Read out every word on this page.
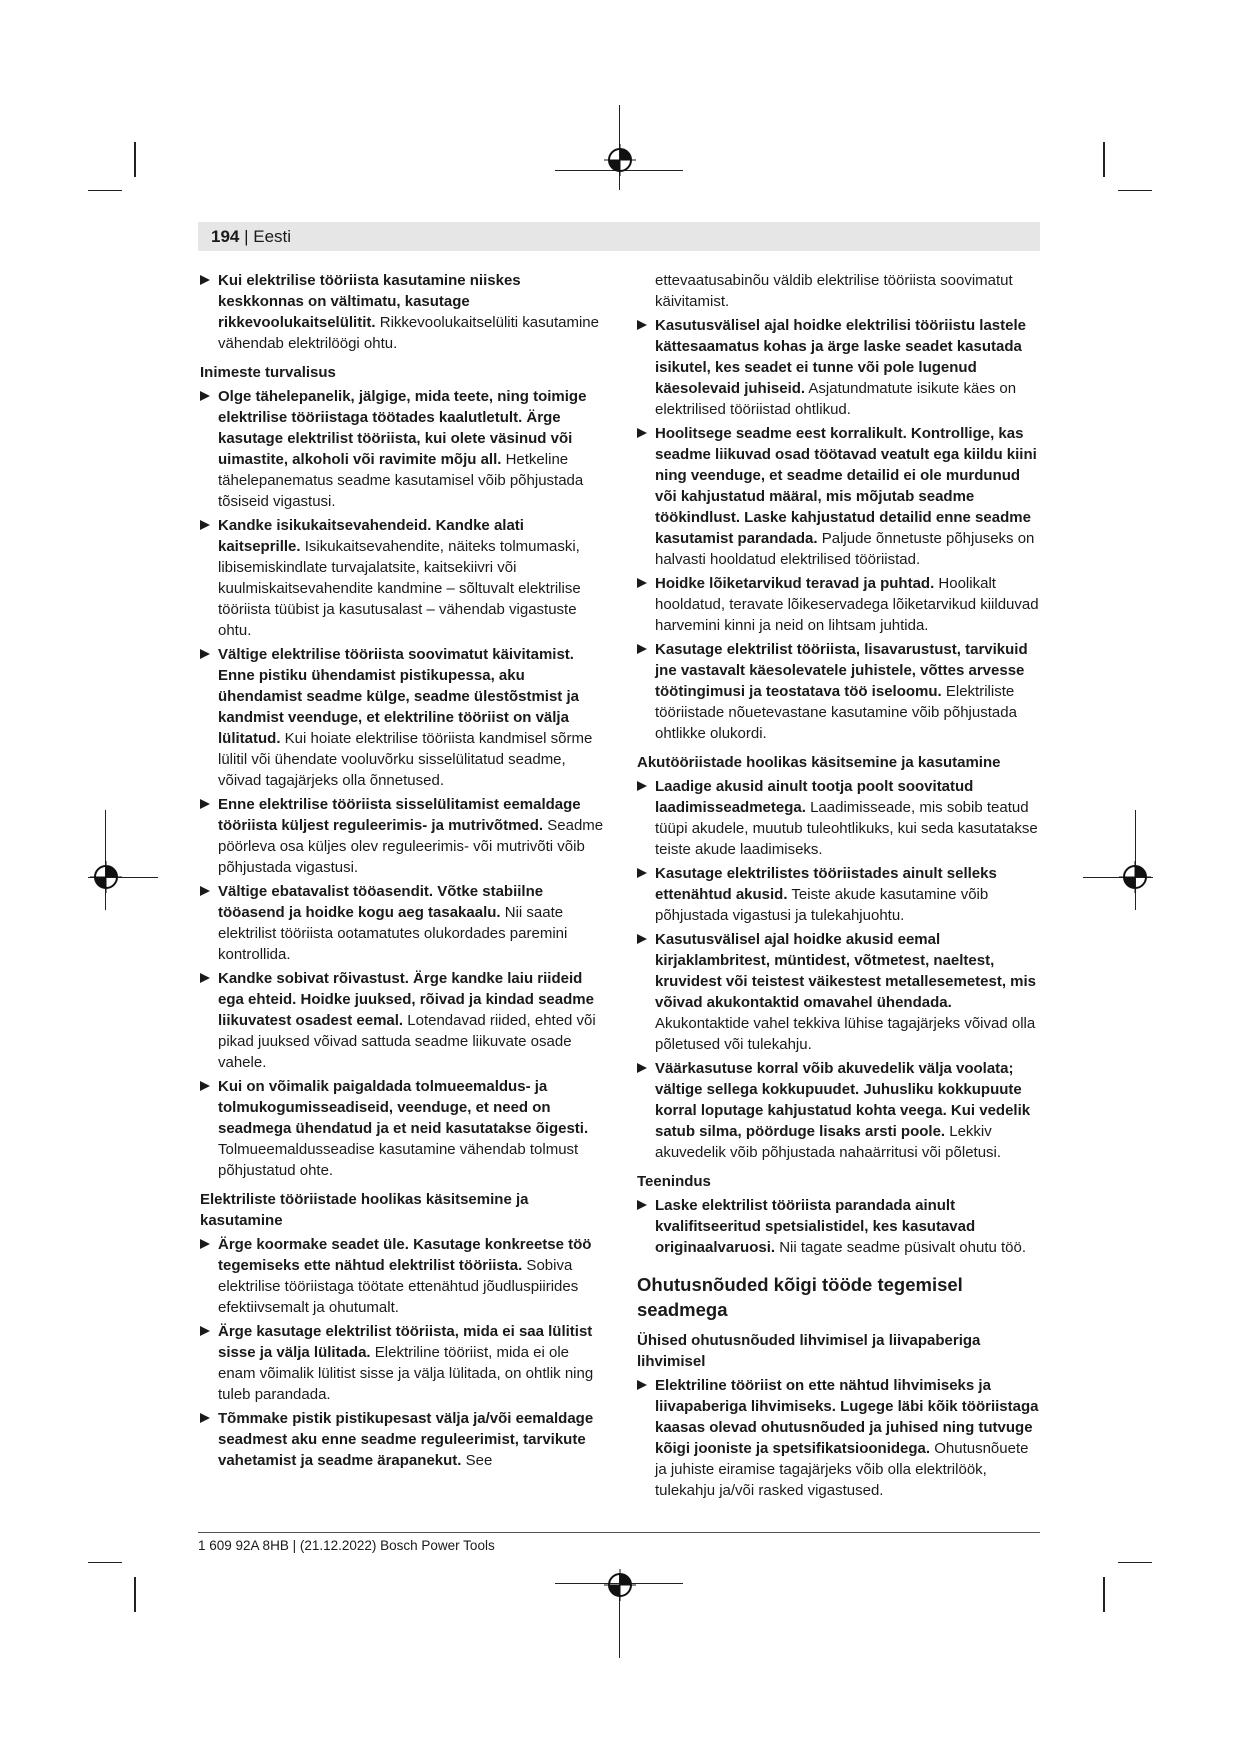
194 | Eesti
Kui elektrilise tööriista kasutamine niiskes keskkonnas on vältimatu, kasutage rikkevoolukaitselülitit. Rikkevoolukaitselüliti kasutamine vähendab elektrilöögi ohtu.
Inimeste turvalisus
Olge tähelepanelik, jälgige, mida teete, ning toimige elektrilise tööriistaga töötades kaalutletult. Ärge kasutage elektrilist tööriista, kui olete väsinud või uimastite, alkoholi või ravimite mõju all. Hetkeline tähelepanematus seadme kasutamisel võib põhjustada tõsiseid vigastusi.
Kandke isikukaitsevahendeid. Kandke alati kaitseprille. Isikukaitsevahendite, näiteks tolmumaski, libisemiskindlate turvajalatsite, kaitsekiivri või kuulmiskaitsevahendite kandmine – sõltuvalt elektrilise tööriista tüübist ja kasutusalast – vähendab vigastuste ohtu.
Vältige elektrilise tööriista soovimatut käivitamist. Enne pistiku ühendamist pistikupessa, aku ühendamist seadme külge, seadme ülestõstmist ja kandmist veenduge, et elektriline tööriist on välja lülitatud. Kui hoiate elektrilise tööriista kandmisel sõrme lülitil või ühendate vooluvõrku sisselülitatud seadme, võivad tagajärjeks olla õnnetused.
Enne elektrilise tööriista sisselülitamist eemaldage tööriista küljest reguleerimis- ja mutrivõtmed. Seadme pöörleva osa küljes olev reguleerimis- või mutrivõti võib põhjustada vigastusi.
Vältige ebatavalist tööasendit. Võtke stabiilne tööasend ja hoidke kogu aeg tasakaalu. Nii saate elektrilist tööriista ootamatutes olukordades paremini kontrollida.
Kandke sobivat rõivastust. Ärge kandke laiu riideid ega ehteid. Hoidke juuksed, rõivad ja kindad seadme liikuvatest osadest eemal. Lotendavad riided, ehted või pikad juuksed võivad sattuda seadme liikuvate osade vahele.
Kui on võimalik paigaldada tolmueemaldus- ja tolmukogumisseadiseid, veenduge, et need on seadmega ühendatud ja et neid kasutatakse õigesti. Tolmueemaldusseadise kasutamine vähendab tolmust põhjustatud ohte.
Elektriliste tööriistade hoolikas käsitsemine ja kasutamine
Ärge koormake seadet üle. Kasutage konkreetse töö tegemiseks ette nähtud elektrilist tööriista. Sobiva elektrilise tööriistaga töötate ettenähtud jõudluspiirides efektiivsemalt ja ohutumalt.
Ärge kasutage elektrilist tööriista, mida ei saa lülitist sisse ja välja lülitada. Elektriline tööriist, mida ei ole enam võimalik lülitist sisse ja välja lülitada, on ohtlik ning tuleb parandada.
Tõmmake pistik pistikupesast välja ja/või eemaldage seadmest aku enne seadme reguleerimist, tarvikute vahetamist ja seadme ärapanekut. See
ettevaatusabinõu väldib elektrilise tööriista soovimatut käivitamist.
Kasutusvälisel ajal hoidke elektrilisi tööriistu lastele kättesaamatus kohas ja ärge laske seadet kasutada isikutel, kes seadet ei tunne või pole lugenud käesolevaid juhiseid. Asjatundmatute isikute käes on elektrilised tööriistad ohtlikud.
Hoolitsege seadme eest korralikult. Kontrollige, kas seadme liikuvad osad töötavad veatult ega kiildu kiini ning veenduge, et seadme detailid ei ole murdunud või kahjustatud määral, mis mõjutab seadme töökindlust. Laske kahjustatud detailid enne seadme kasutamist parandada. Paljude õnnetuste põhjuseks on halvasti hooldatud elektrilised tööriistad.
Hoidke lõiketarvikud teravad ja puhtad. Hoolikalt hooldatud, teravate lõikeservadega lõiketarvikud kiilduvad harvemini kinni ja neid on lihtsam juhtida.
Kasutage elektrilist tööriista, lisavarustust, tarvikuid jne vastavalt käesolevatele juhistele, võttes arvesse töötingimusi ja teostatava töö iseloomu. Elektriliste tööriistade nõuetevastane kasutamine võib põhjustada ohtlikke olukordi.
Akutööriistade hoolikas käsitsemine ja kasutamine
Laadige akusid ainult tootja poolt soovitatud laadimisseadmetega. Laadimisseade, mis sobib teatud tüüpi akudele, muutub tuleohtlikuks, kui seda kasutatakse teiste akude laadimiseks.
Kasutage elektrilistes tööriistades ainult selleks ettenähtud akusid. Teiste akude kasutamine võib põhjustada vigastusi ja tulekahjuohtu.
Kasutusvälisel ajal hoidke akusid eemal kirjaklambritest, müntidest, võtmetest, naeltest, kruvidest või teistest väikestest metallesemetest, mis võivad akukontaktid omavahel ühendada. Akukontaktide vahel tekkiva lühise tagajärjeks võivad olla põletused või tulekahju.
Väärkasutuse korral võib akuvedelik välja voolata; vältige sellega kokkupuudet. Juhusliku kokkupuute korral loputage kahjustatud kohta veega. Kui vedelik satub silma, pöörduge lisaks arsti poole. Lekkiv akuvedelik võib põhjustada nahaärritusi või põletusi.
Teenindus
Laske elektrilist tööriista parandada ainult kvalifitseeritud spetsialistidel, kes kasutavad originaalvaruosi. Nii tagate seadme püsivalt ohutu töö.
Ohutusnõuded kõigi tööde tegemisel seadmega
Ühised ohutusnõuded lihvimisel ja liivapaberiga lihvimisel
Elektriline tööriist on ette nähtud lihvimiseks ja liivapaberiga lihvimiseks. Lugege läbi kõik tööriistaga kaasas olevad ohutusnõuded ja juhised ning tutvuge kõigi jooniste ja spetsifikatsioonidega. Ohutusnõuete ja juhiste eiramise tagajärjeks võib olla elektrilöök, tulekahju ja/või rasked vigastused.
1 609 92A 8HB | (21.12.2022) Bosch Power Tools
